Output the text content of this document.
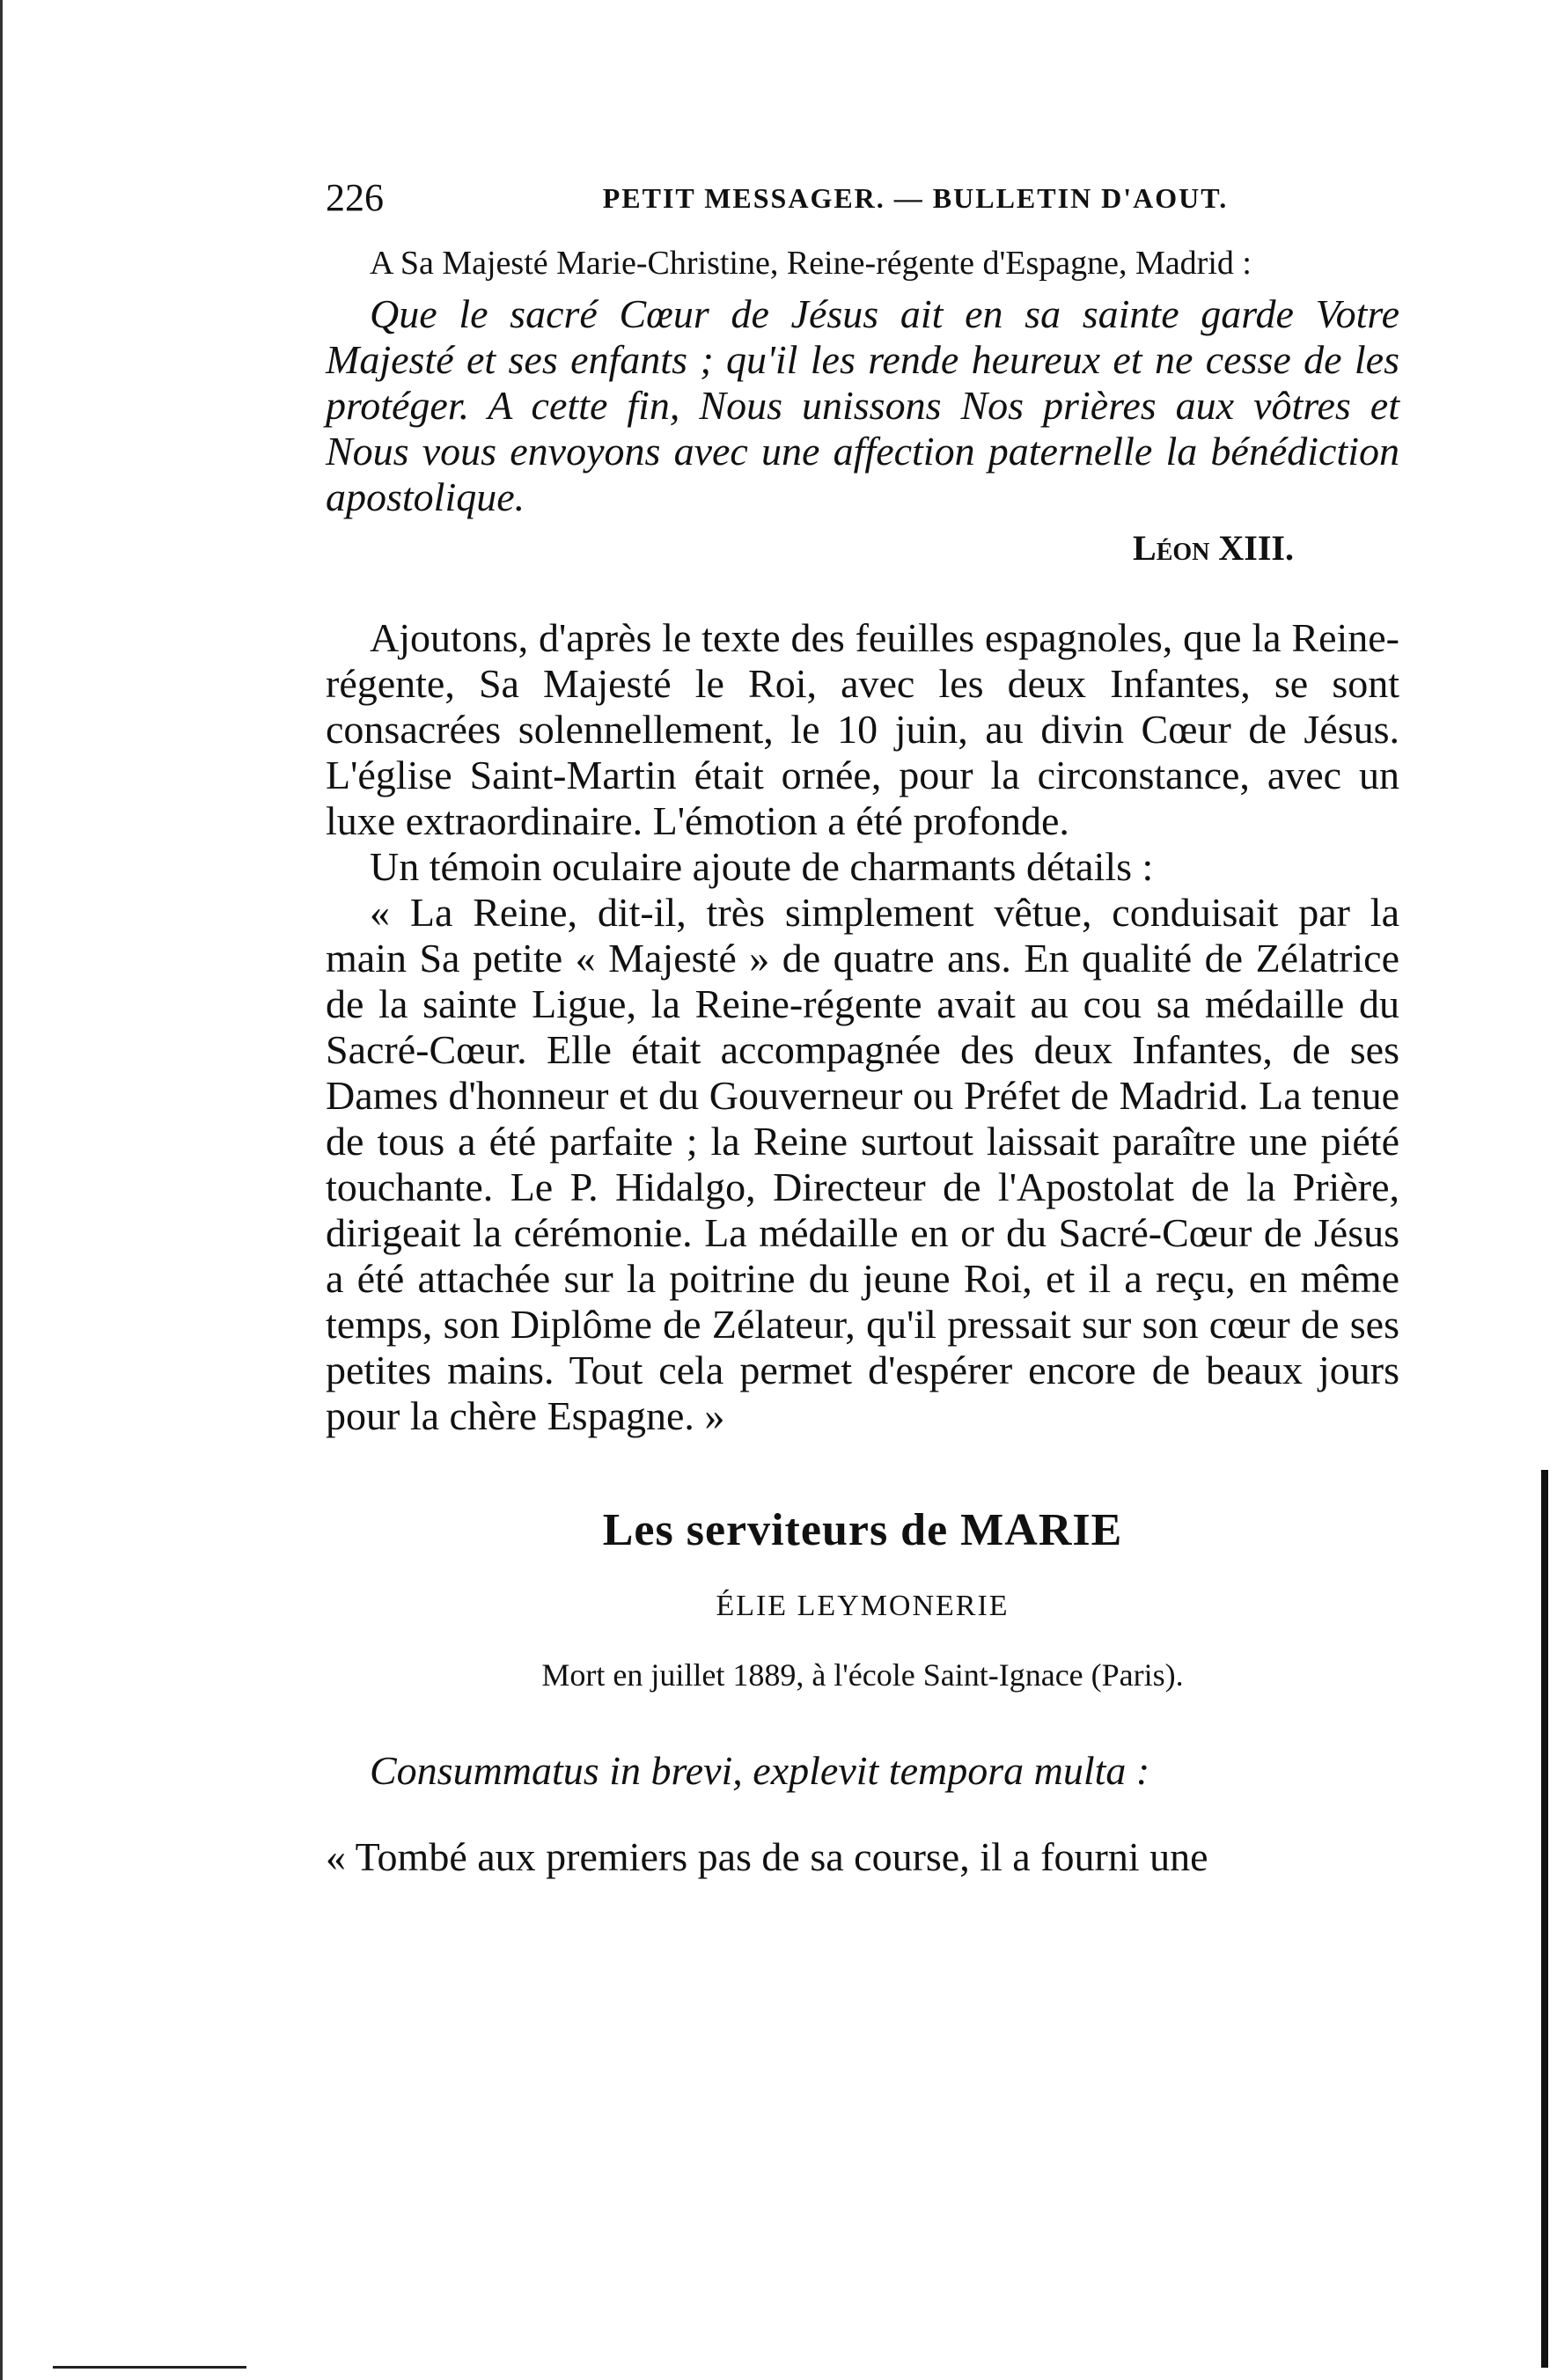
226	PETIT MESSAGER. — BULLETIN D'AOUT.

A Sa Majesté Marie-Christine, Reine-régente d'Espagne, Madrid :

Que le sacré Cœur de Jésus ait en sa sainte garde Votre Majesté et ses enfants ; qu'il les rende heureux et ne cesse de les protéger. A cette fin, Nous unissons Nos prières aux vôtres et Nous vous envoyons avec une affection paternelle la bénédiction apostolique.

Léon XIII.

Ajoutons, d'après le texte des feuilles espagnoles, que la Reine-régente, Sa Majesté le Roi, avec les deux Infantes, se sont consacrées solennellement, le 10 juin, au divin Cœur de Jésus. L'église Saint-Martin était ornée, pour la circonstance, avec un luxe extraordinaire. L'émotion a été profonde.

Un témoin oculaire ajoute de charmants détails :

« La Reine, dit-il, très simplement vêtue, conduisait par la main Sa petite « Majesté » de quatre ans. En qualité de Zélatrice de la sainte Ligue, la Reine-régente avait au cou sa médaille du Sacré-Cœur. Elle était accompagnée des deux Infantes, de ses Dames d'honneur et du Gouverneur ou Préfet de Madrid. La tenue de tous a été parfaite ; la Reine surtout laissait paraître une piété touchante. Le P. Hidalgo, Directeur de l'Apostolat de la Prière, dirigeait la cérémonie. La médaille en or du Sacré-Cœur de Jésus a été attachée sur la poitrine du jeune Roi, et il a reçu, en même temps, son Diplôme de Zélateur, qu'il pressait sur son cœur de ses petites mains. Tout cela permet d'espérer encore de beaux jours pour la chère Espagne. »

Les serviteurs de MARIE
ÉLIE LEYMONERIE
Mort en juillet 1889, à l'école Saint-Ignace (Paris).

Consummatus in brevi, explevit tempora multa :

« Tombé aux premiers pas de sa course, il a fourni une
